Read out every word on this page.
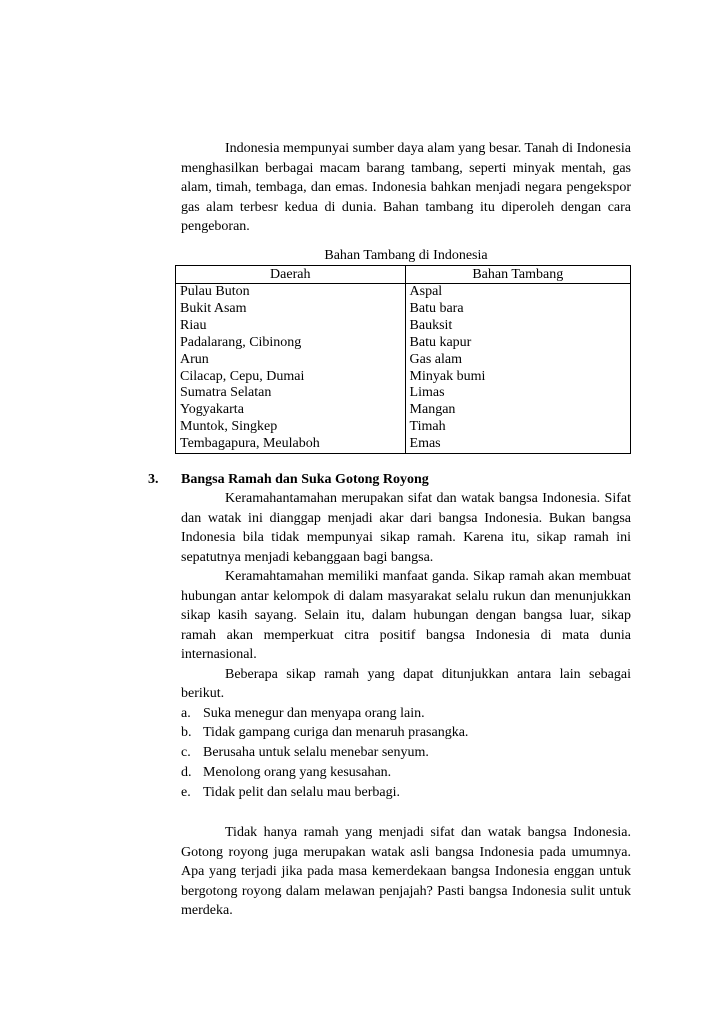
Indonesia mempunyai sumber daya alam yang besar. Tanah di Indonesia menghasilkan berbagai macam barang tambang, seperti minyak mentah, gas alam, timah, tembaga, dan emas. Indonesia bahkan menjadi negara pengekspor gas alam terbesr kedua di dunia. Bahan tambang itu diperoleh dengan cara pengeboran.

Bahan Tambang di Indonesia
Daerah	Bahan Tambang
Pulau Buton	Aspal
Bukit Asam	Batu bara
Riau	Bauksit
Padalarang, Cibinong	Batu kapur
Arun	Gas alam
Cilacap, Cepu, Dumai	Minyak bumi
Sumatra Selatan	Limas
Yogyakarta	Mangan
Muntok, Singkep	Timah
Tembagapura, Meulaboh	Emas
3. Bangsa Ramah dan Suka Gotong Royong

Keramahantamahan merupakan sifat dan watak bangsa Indonesia. Sifat dan watak ini dianggap menjadi akar dari bangsa Indonesia. Bukan bangsa Indonesia bila tidak mempunyai sikap ramah. Karena itu, sikap ramah ini sepatutnya menjadi kebanggaan bagi bangsa.

Keramahtamahan memiliki manfaat ganda. Sikap ramah akan membuat hubungan antar kelompok di dalam masyarakat selalu rukun dan menunjukkan sikap kasih sayang. Selain itu, dalam hubungan dengan bangsa luar, sikap ramah akan memperkuat citra positif bangsa Indonesia di mata dunia internasional.

Beberapa sikap ramah yang dapat ditunjukkan antara lain sebagai berikut.

a. Suka menegur dan menyapa orang lain.
b. Tidak gampang curiga dan menaruh prasangka.
c. Berusaha untuk selalu menebar senyum.
d. Menolong orang yang kesusahan.
e. Tidak pelit dan selalu mau berbagi.

Tidak hanya ramah yang menjadi sifat dan watak bangsa Indonesia. Gotong royong juga merupakan watak asli bangsa Indonesia pada umumnya. Apa yang terjadi jika pada masa kemerdekaan bangsa Indonesia enggan untuk bergotong royong dalam melawan penjajah? Pasti bangsa Indonesia sulit untuk merdeka.
